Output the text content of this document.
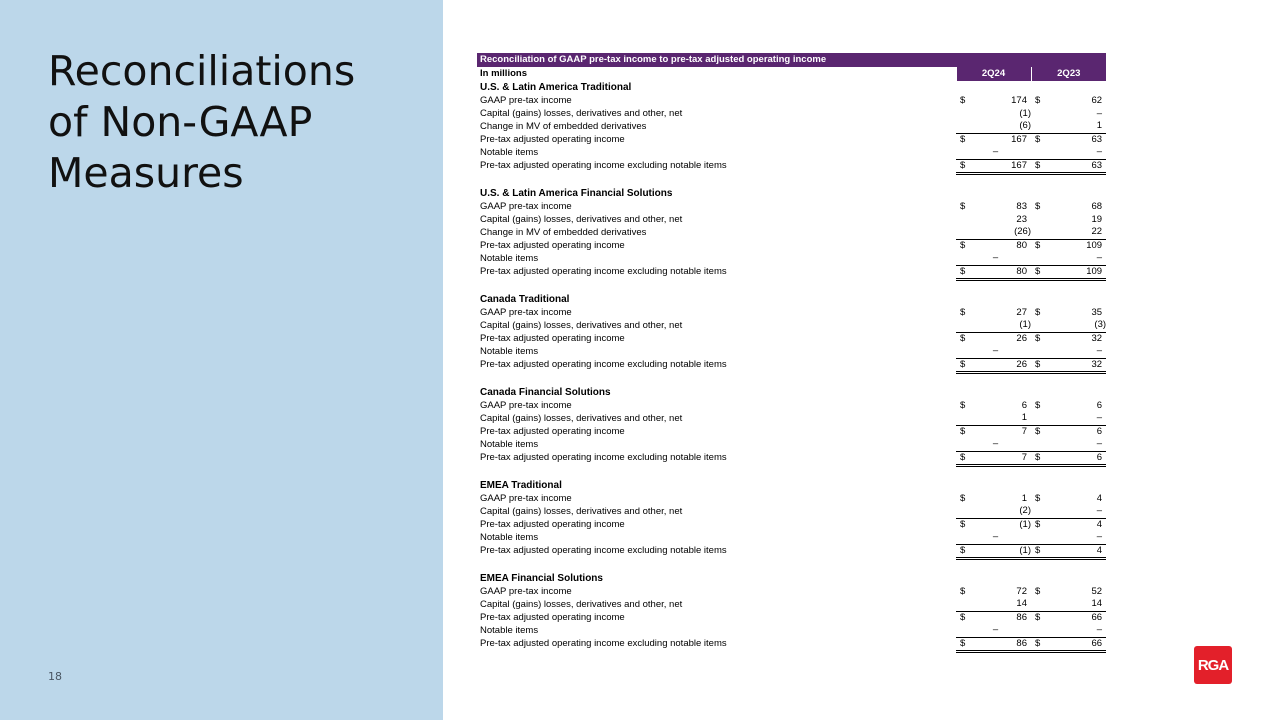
Reconciliations
of Non-GAAP
Measures
18
Reconciliation of GAAP pre-tax income to pre-tax adjusted operating income				
In millions	2Q24		2Q23	
U.S. & Latin America Traditional				
GAAP pre-tax income	$	174	$	62
Capital (gains) losses, derivatives and other, net		(1)		–
Change in MV of embedded derivatives		(6)		1
Pre-tax adjusted operating income	$	167	$	63
Notable items		–		–
Pre-tax adjusted operating income excluding notable items	$	167	$	63

U.S. & Latin America Financial Solutions				
GAAP pre-tax income	$	83	$	68
Capital (gains) losses, derivatives and other, net		23		19
Change in MV of embedded derivatives		(26)		22
Pre-tax adjusted operating income	$	80	$	109
Notable items		–		–
Pre-tax adjusted operating income excluding notable items	$	80	$	109

Canada Traditional				
GAAP pre-tax income	$	27	$	35
Capital (gains) losses, derivatives and other, net		(1)		(3)
Pre-tax adjusted operating income	$	26	$	32
Notable items		–		–
Pre-tax adjusted operating income excluding notable items	$	26	$	32

Canada Financial Solutions				
GAAP pre-tax income	$	6	$	6
Capital (gains) losses, derivatives and other, net		1		–
Pre-tax adjusted operating income	$	7	$	6
Notable items		–		–
Pre-tax adjusted operating income excluding notable items	$	7	$	6

EMEA Traditional				
GAAP pre-tax income	$	1	$	4
Capital (gains) losses, derivatives and other, net		(2)		–
Pre-tax adjusted operating income	$	(1)	$	4
Notable items		–		–
Pre-tax adjusted operating income excluding notable items	$	(1)	$	4

EMEA Financial Solutions				
GAAP pre-tax income	$	72	$	52
Capital (gains) losses, derivatives and other, net		14		14
Pre-tax adjusted operating income	$	86	$	66
Notable items		–		–
Pre-tax adjusted operating income excluding notable items	$	86	$	66
RGA
